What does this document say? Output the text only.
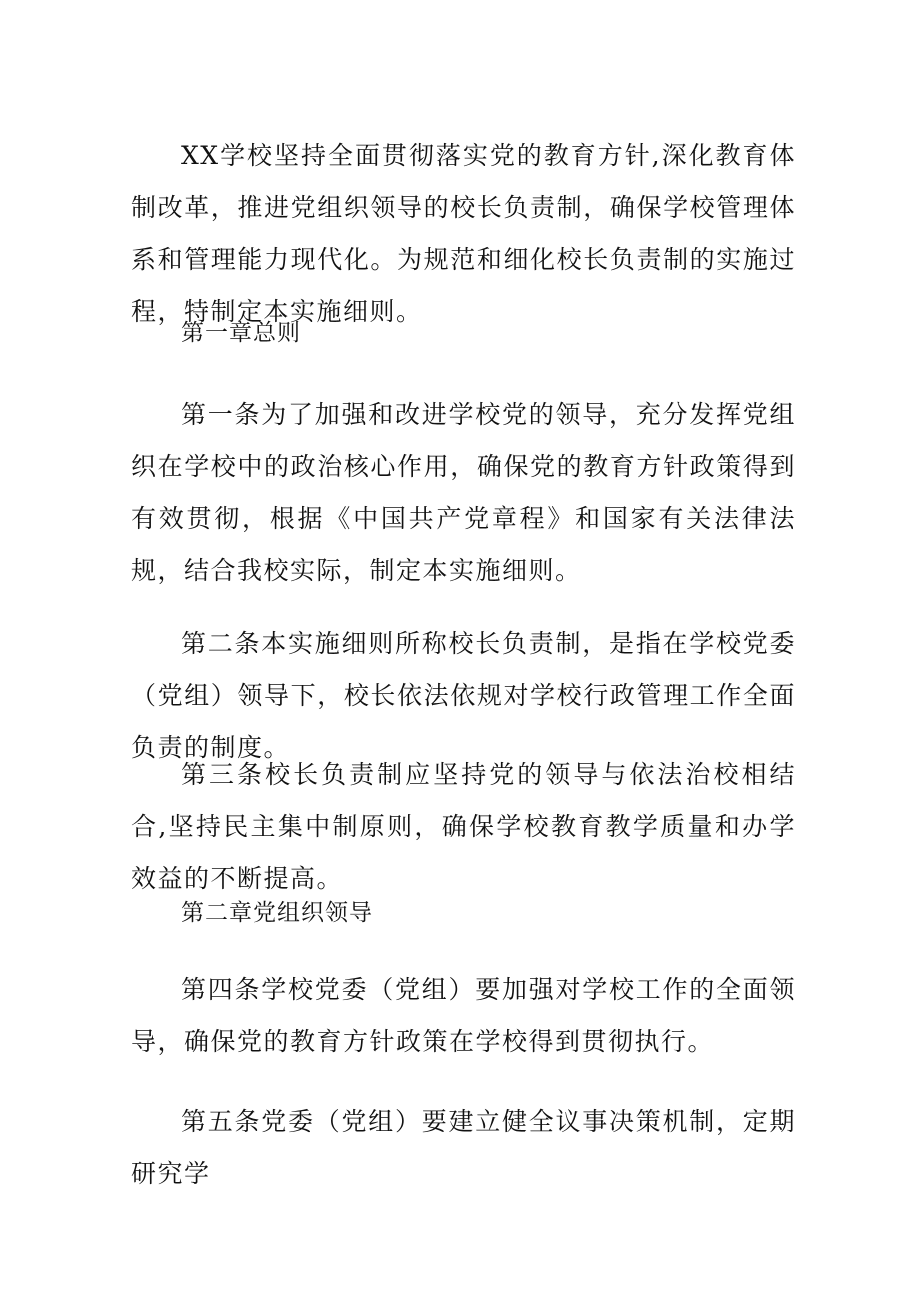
XX学校坚持全面贯彻落实党的教育方针,深化教育体制改革，推进党组织领导的校长负责制，确保学校管理体系和管理能力现代化。为规范和细化校长负责制的实施过程，特制定本实施细则。

第一章总则

第一条为了加强和改进学校党的领导，充分发挥党组织在学校中的政治核心作用，确保党的教育方针政策得到有效贯彻，根据《中国共产党章程》和国家有关法律法规，结合我校实际，制定本实施细则。

第二条本实施细则所称校长负责制，是指在学校党委（党组）领导下，校长依法依规对学校行政管理工作全面负责的制度。

第三条校长负责制应坚持党的领导与依法治校相结合,坚持民主集中制原则，确保学校教育教学质量和办学效益的不断提高。

第二章党组织领导

第四条学校党委（党组）要加强对学校工作的全面领导，确保党的教育方针政策在学校得到贯彻执行。

第五条党委（党组）要建立健全议事决策机制，定期研究学
